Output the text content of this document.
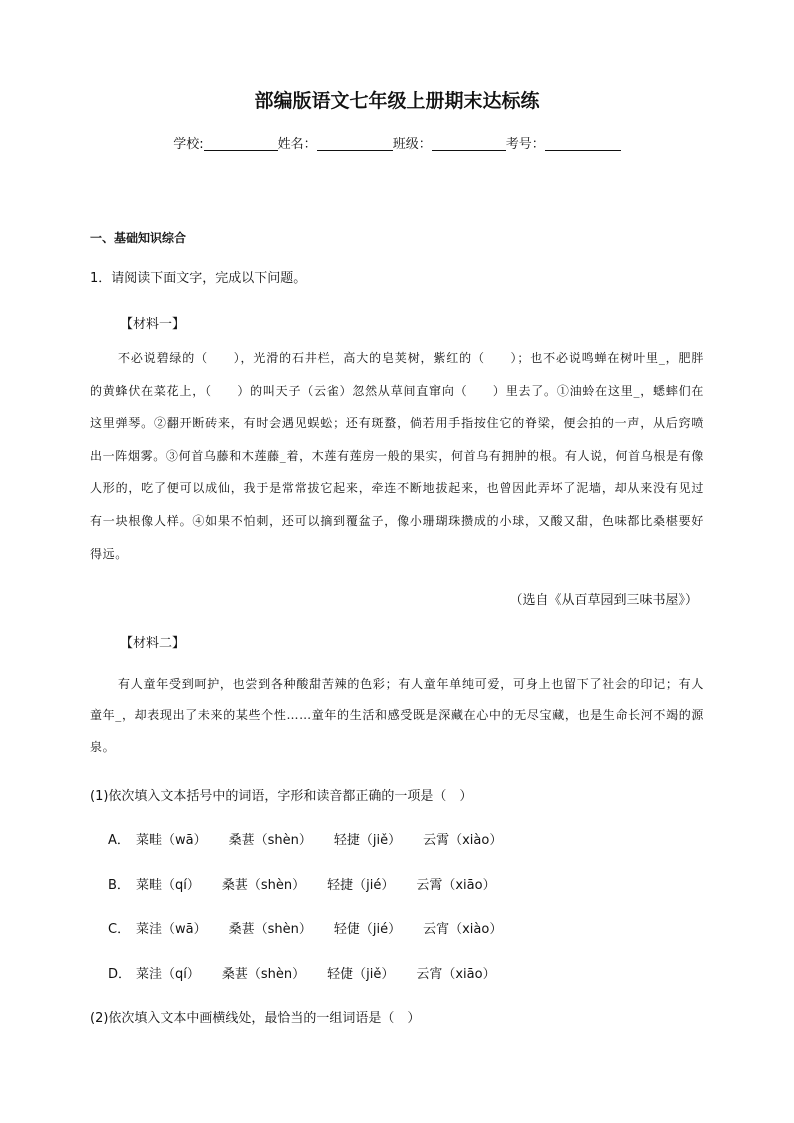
部编版语文七年级上册期末达标练
学校:	姓名：	班级：	考号：
一、基础知识综合
1．请阅读下面文字，完成以下问题。
【材料一】
不必说碧绿的（　　），光滑的石井栏，高大的皂荚树，紫红的（　　）；也不必说鸣蝉在树叶里_，肥胖的黄蜂伏在菜花上，（　　）的叫天子（云雀）忽然从草间直窜向（　　）里去了。①油蛉在这里_，蟋蟀们在这里弹琴。②翻开断砖来，有时会遇见蜈蚣；还有斑蝥，倘若用手指按住它的脊梁，便会拍的一声，从后窍喷出一阵烟雾。③何首乌藤和木莲藤_着，木莲有莲房一般的果实，何首乌有拥肿的根。有人说，何首乌根是有像人形的，吃了便可以成仙，我于是常常拔它起来，牵连不断地拔起来，也曾因此弄坏了泥墙，却从来没有见过有一块根像人样。④如果不怕刺，还可以摘到覆盆子，像小珊瑚珠攒成的小球，又酸又甜，色味都比桑椹要好得远。
（选自《从百草园到三味书屋》）
【材料二】
有人童年受到呵护，也尝到各种酸甜苦辣的色彩；有人童年单纯可爱，可身上也留下了社会的印记；有人童年_，却表现出了未来的某些个性……童年的生活和感受既是深藏在心中的无尽宝藏，也是生命长河不竭的源泉。
(1)依次填入文本括号中的词语，字形和读音都正确的一项是（　）
A． 菜畦（wā） 桑葚（shèn） 轻捷（jiě） 云霄（xiào）
B． 菜畦（qí） 桑葚（shèn） 轻捷（jié） 云霄（xiāo）
C． 菜洼（wā） 桑葚（shèn） 轻倢（jié） 云宵（xiào）
D． 菜洼（qí） 桑葚（shèn） 轻倢（jiě） 云宵（xiāo）
(2)依次填入文本中画横线处，最恰当的一组词语是（　）
